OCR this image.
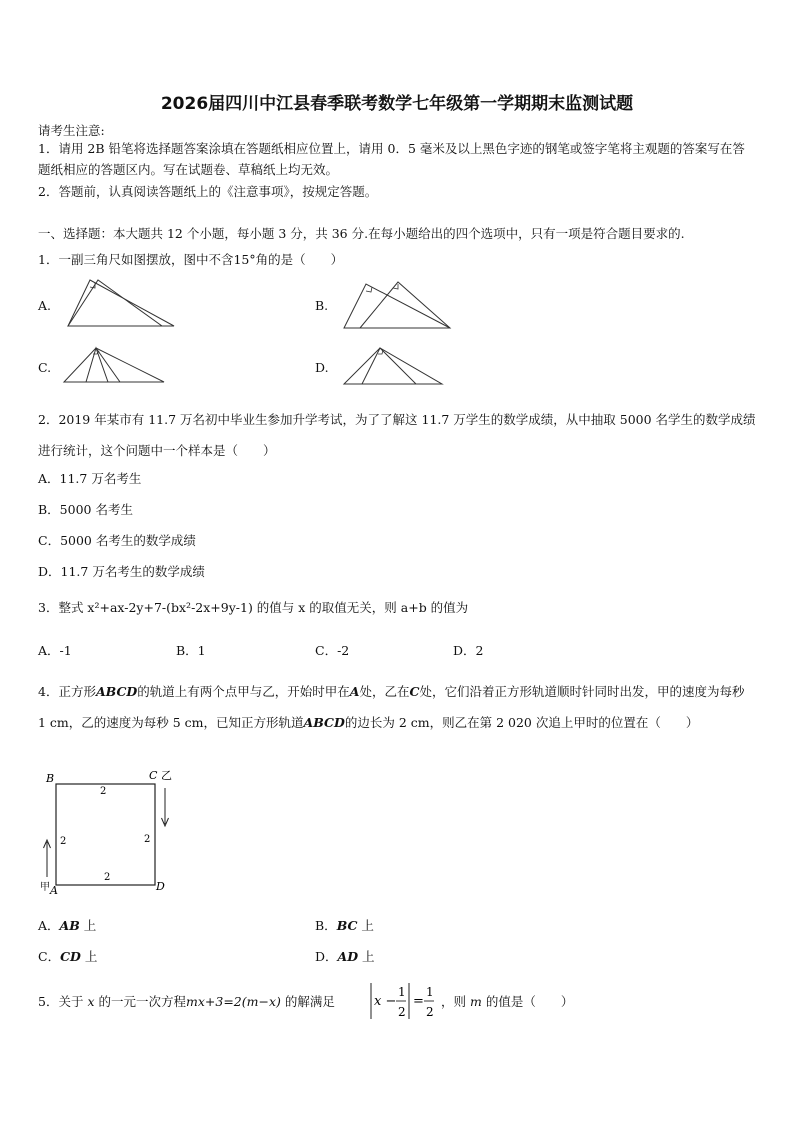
2026届四川中江县春季联考数学七年级第一学期期末监测试题
请考生注意:
1．请用 2B 铅笔将选择题答案涂填在答题纸相应位置上，请用 0．5 毫米及以上黑色字迹的钢笔或签字笔将主观题的答案写在答题纸相应的答题区内。写在试题卷、草稿纸上均无效。
2．答题前，认真阅读答题纸上的《注意事项》，按规定答题。
一、选择题：本大题共 12 个小题，每小题 3 分，共 36 分.在每小题给出的四个选项中，只有一项是符合题目要求的.
1．一副三角尺如图摆放，图中不含15°角的是（　　）
A.	B.
C.	D.
2．2019 年某市有 11.7 万名初中毕业生参加升学考试，为了了解这 11.7 万学生的数学成绩，从中抽取 5000 名学生的数学成绩进行统计，这个问题中一个样本是（　　）
A．11.7 万名考生
B．5000 名考生
C．5000 名考生的数学成绩
D．11.7 万名考生的数学成绩
3．整式 x²+ax-2y+7-(bx²-2x+9y-1) 的值与 x 的取值无关，则 a+b 的值为
A．-1	B．1	C．-2	D．2
4．正方形ABCD的轨道上有两个点甲与乙，开始时甲在A处，乙在C处，它们沿着正方形轨道顺时针同时出发，甲的速度为每秒 1 cm，乙的速度为每秒 5 cm，已知正方形轨道ABCD的边长为 2 cm，则乙在第 2 020 次追上甲时的位置在（　　）
B	C 乙
A
甲	D
2
2	2
2
A．AB 上	B．BC 上
C．CD 上	D．AD 上
5．关于 x 的一元一次方程mx+3=2(m−x) 的解满足	x −
1
2
=
1
2
，则 m 的值是（　　）
